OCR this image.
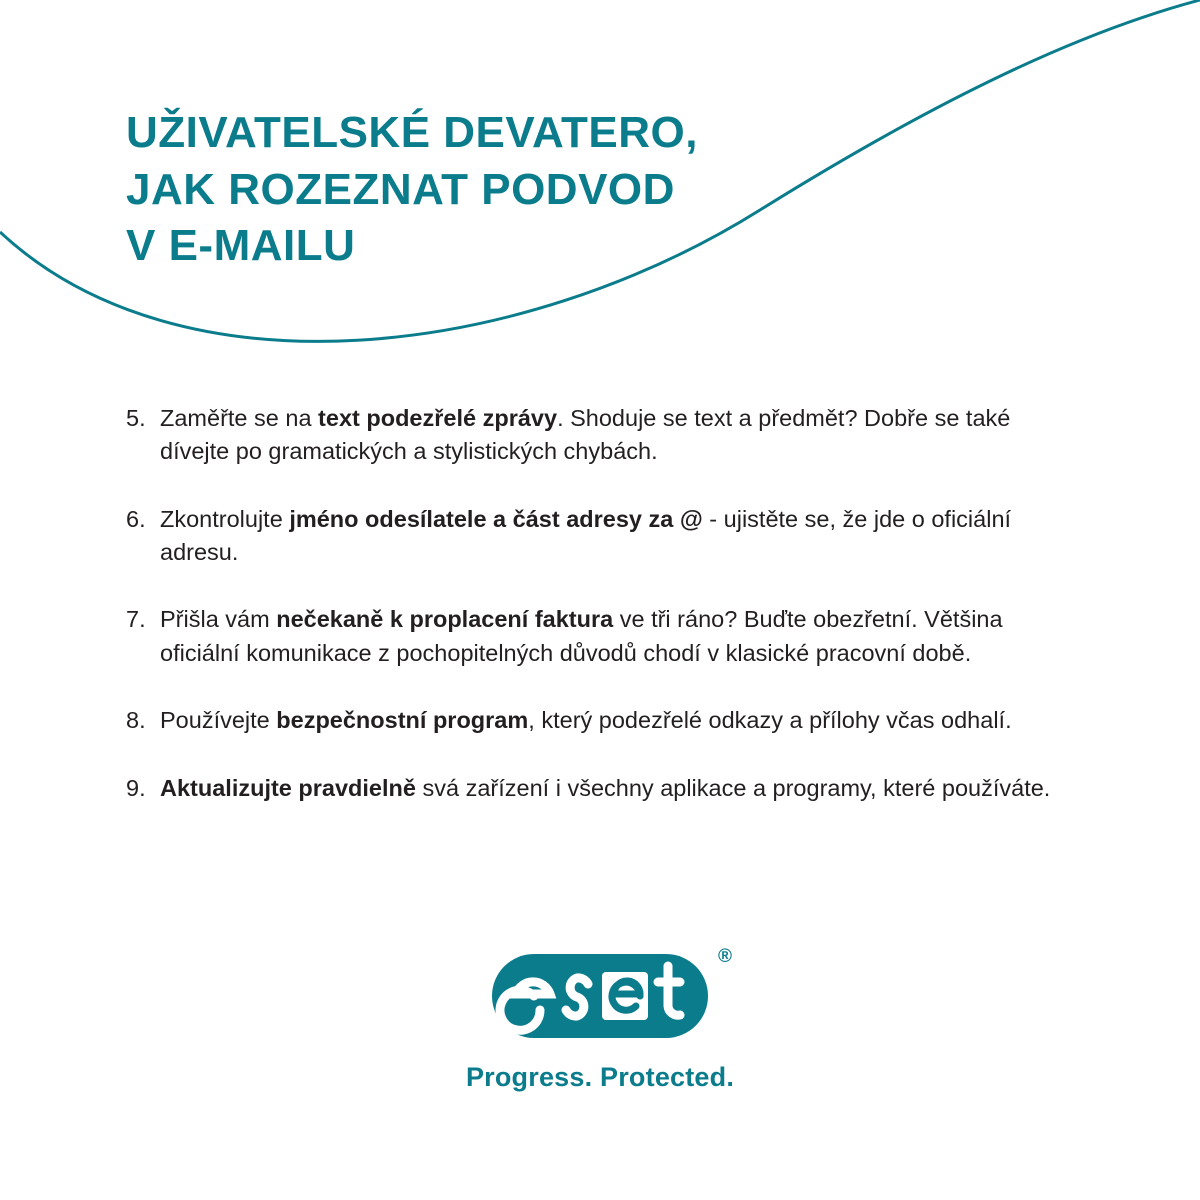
UŽIVATELSKÉ DEVATERO,
JAK ROZEZNAT PODVOD
V E-MAILU
5. Zaměřte se na text podezřelé zprávy. Shoduje se text a předmět? Dobře se také dívejte po gramatických a stylistických chybách.
6. Zkontrolujte jméno odesílatele a část adresy za @ - ujistěte se, že jde o oficiální adresu.
7. Přišla vám nečekaně k proplacení faktura ve tři ráno? Buďte obezřetní. Většina oficiální komunikace z pochopitelných důvodů chodí v klasické pracovní době.
8. Používejte bezpečnostní program, který podezřelé odkazy a přílohy včas odhalí.
9. Aktualizujte pravdielně svá zařízení i všechny aplikace a programy, které používáte.
®
Progress. Protected.
